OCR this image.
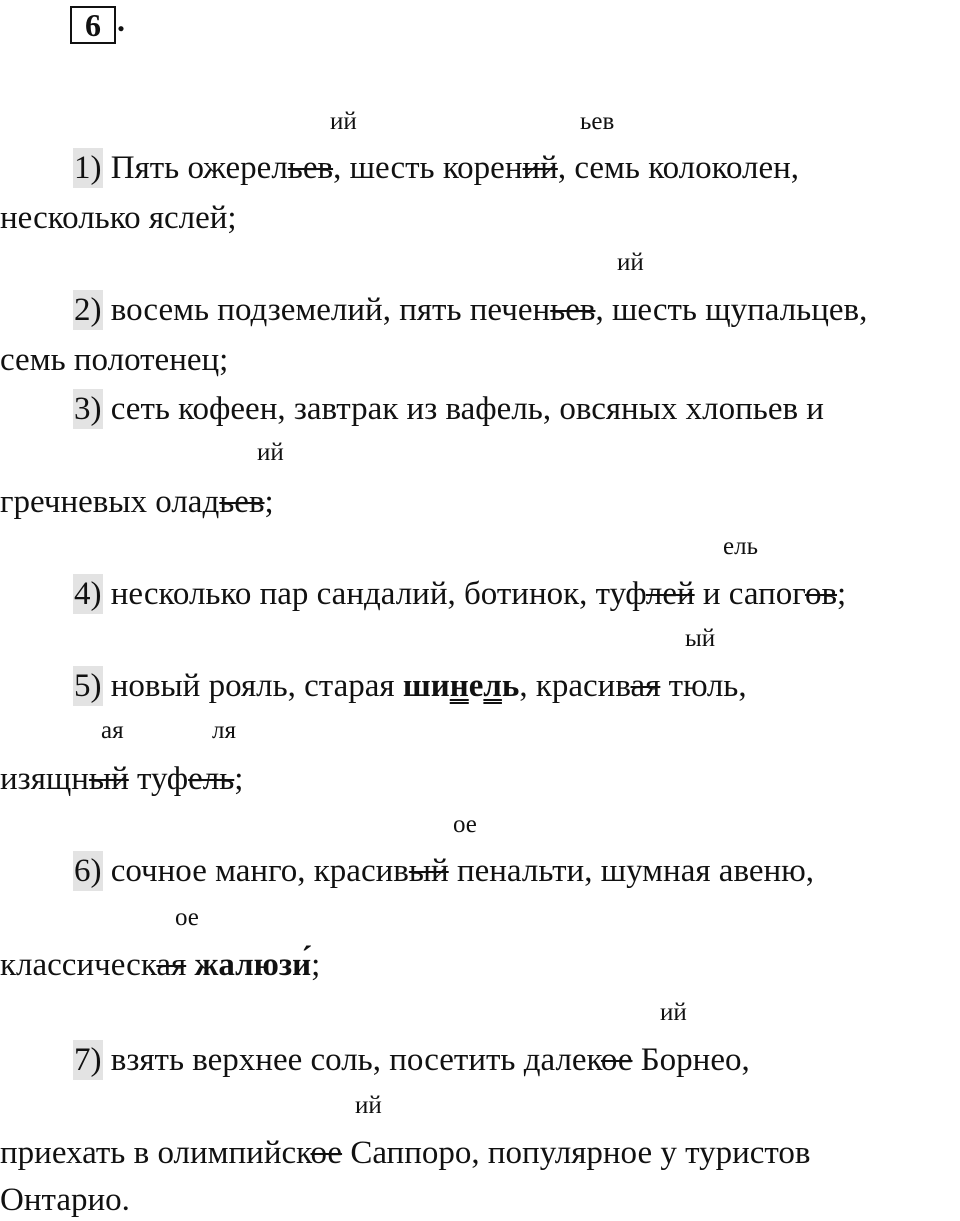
6 .
ий	ьев
1) Пять ожерельев, шесть корений, семь колоколен,
несколько яслей;
ий
2) восемь подземелий, пять печеньев, шесть щупальцев,
семь полотенец;
3) сеть кофеен, завтрак из вафель, овсяных хлопьев и
ий
гречневых оладьев;
ель
4) несколько пар сандалий, ботинок, туфлей и сапогов;
ый
5) новый рояль, старая шинель, красивая тюль,
ая	ля
изящный туфель;
ое
6) сочное манго, красивый пенальти, шумная авеню,
ое
классическая жалюзи́;
ий
7) взять верхнее соль, посетить далекое Борнео,
ий
приехать в олимпийское Саппоро, популярное у туристов
Онтарио.
